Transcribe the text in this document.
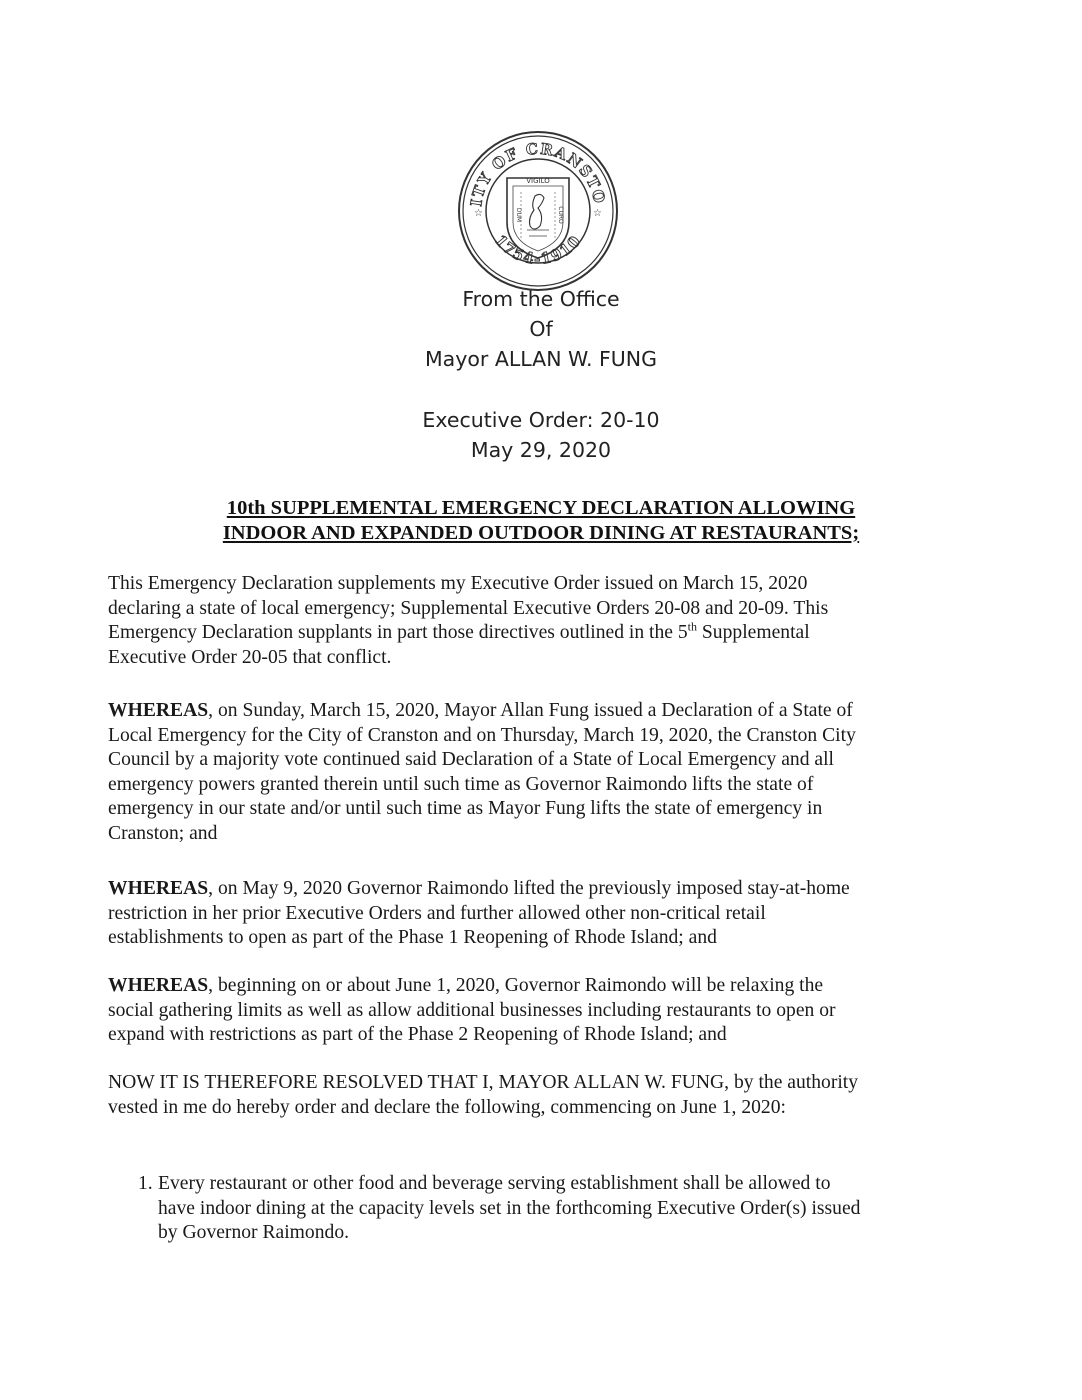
ITY OF CRANSTO
1754-1910
☆	☆
VIGILO
DUM	CURO
From the Office
Of
Mayor ALLAN W. FUNG
Executive Order: 20-10
May 29, 2020
10th SUPPLEMENTAL EMERGENCY DECLARATION ALLOWING
INDOOR AND EXPANDED OUTDOOR DINING AT RESTAURANTS;

This Emergency Declaration supplements my Executive Order issued on March 15, 2020

declaring a state of local emergency; Supplemental Executive Orders 20-08 and 20-09. This

Emergency Declaration supplants in part those directives outlined in the 5th Supplemental

Executive Order 20-05 that conflict.

WHEREAS, on Sunday, March 15, 2020, Mayor Allan Fung issued a Declaration of a State of

Local Emergency for the City of Cranston and on Thursday, March 19, 2020, the Cranston City

Council by a majority vote continued said Declaration of a State of Local Emergency and all

emergency powers granted therein until such time as Governor Raimondo lifts the state of

emergency in our state and/or until such time as Mayor Fung lifts the state of emergency in

Cranston; and

WHEREAS, on May 9, 2020 Governor Raimondo lifted the previously imposed stay-at-home

restriction in her prior Executive Orders and further allowed other non-critical retail

establishments to open as part of the Phase 1 Reopening of Rhode Island; and

WHEREAS, beginning on or about June 1, 2020, Governor Raimondo will be relaxing the

social gathering limits as well as allow additional businesses including restaurants to open or

expand with restrictions as part of the Phase 2 Reopening of Rhode Island; and

NOW IT IS THEREFORE RESOLVED THAT I, MAYOR ALLAN W. FUNG, by the authority

vested in me do hereby order and declare the following, commencing on June 1, 2020:

1. Every restaurant or other food and beverage serving establishment shall be allowed to
have indoor dining at the capacity levels set in the forthcoming Executive Order(s) issued
by Governor Raimondo.
